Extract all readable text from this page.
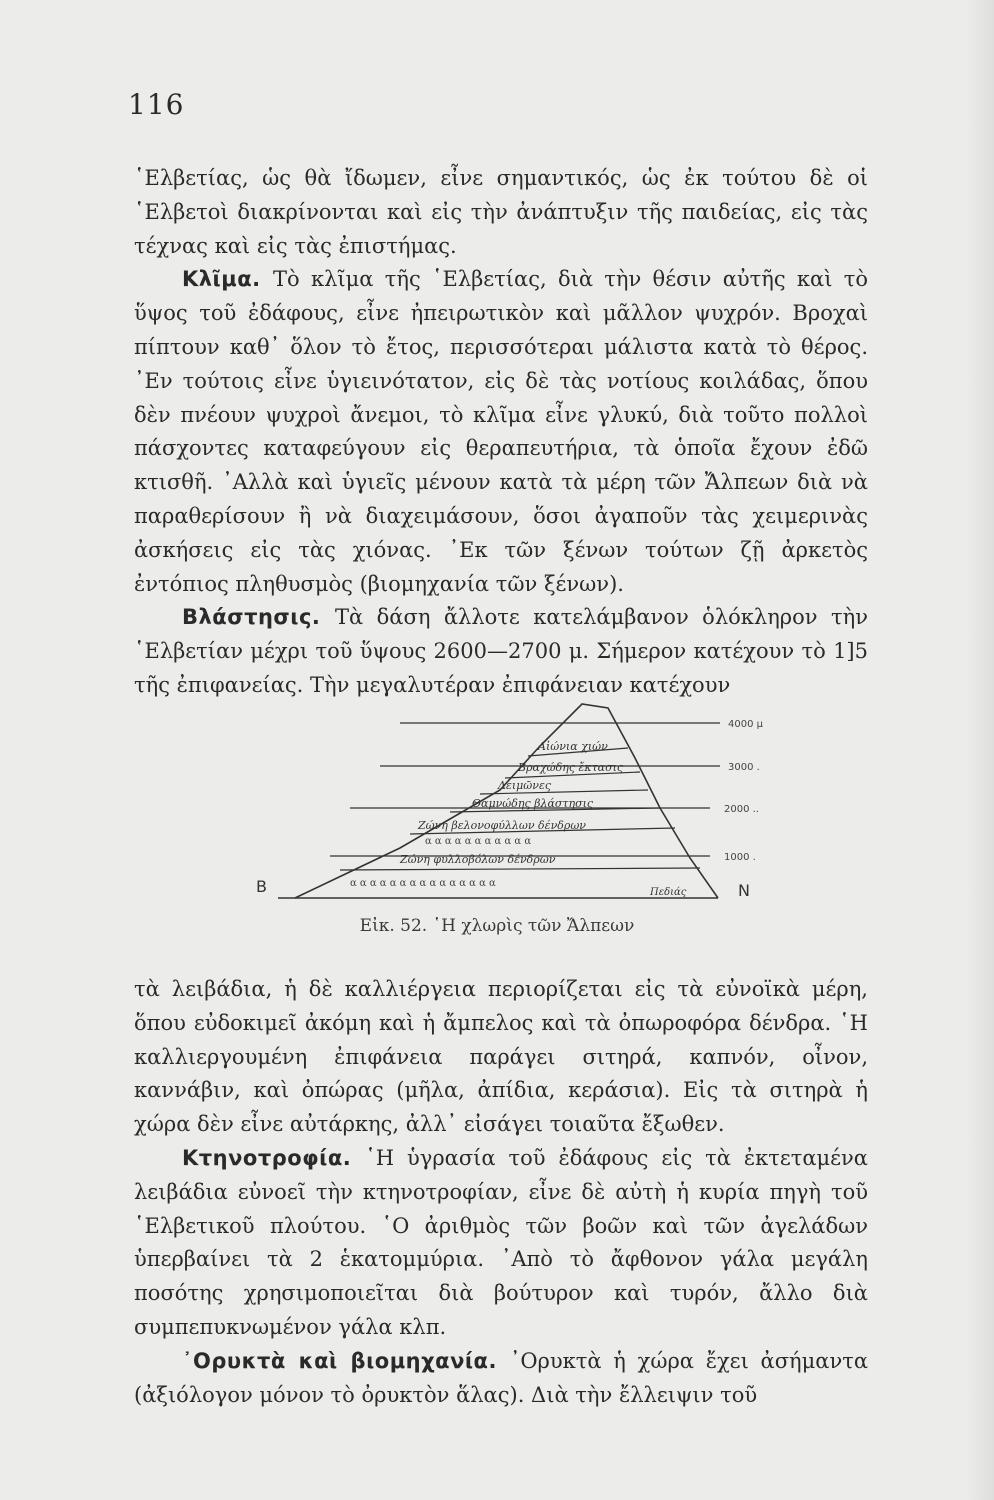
116

῾Ελβετίας, ὡς θὰ ἴδωμεν, εἶνε σημαντικός, ὡς ἐκ τούτου δὲ οἱ ῾Ελβετοὶ διακρίνονται καὶ εἰς τὴν ἀνάπτυξιν τῆς παιδείας, εἰς τὰς τέχνας καὶ εἰς τὰς ἐπιστήμας.

Κλῖμα. Τὸ κλῖμα τῆς ῾Ελβετίας, διὰ τὴν θέσιν αὐτῆς καὶ τὸ ὕψος τοῦ ἐδάφους, εἶνε ἠπειρωτικὸν καὶ μᾶλλον ψυχρόν. Βροχαὶ πίπτουν καθ᾽ ὅλον τὸ ἔτος, περισσότεραι μάλιστα κατὰ τὸ θέρος. ᾽Εν τούτοις εἶνε ὑγιεινότατον, εἰς δὲ τὰς νοτίους κοιλάδας, ὅπου δὲν πνέουν ψυχροὶ ἄνεμοι, τὸ κλῖμα εἶνε γλυκύ, διὰ τοῦτο πολλοὶ πάσχοντες καταφεύγουν εἰς θεραπευτήρια, τὰ ὁποῖα ἔχουν ἐδῶ κτισθῆ. ᾽Αλλὰ καὶ ὑγιεῖς μένουν κατὰ τὰ μέρη τῶν Ἄλπεων διὰ νὰ παραθερίσουν ἢ νὰ διαχειμάσουν, ὅσοι ἀγαποῦν τὰς χειμερινὰς ἀσκήσεις εἰς τὰς χιόνας. ᾽Εκ τῶν ξένων τούτων ζῇ ἀρκετὸς ἐντόπιος πληθυσμὸς (βιομηχανία τῶν ξένων).

Βλάστησις. Τὰ δάση ἄλλοτε κατελάμβανον ὁλόκληρον τὴν ῾Ελβετίαν μέχρι τοῦ ὕψους 2600—2700 μ. Σήμερον κατέχουν τὸ 1]5 τῆς ἐπιφανείας. Τὴν μεγαλυτέραν ἐπιφάνειαν κατέχουν

Αἰώνια χιών
Βραχώδης ἔκτασις
Λειμῶνες
Θαμνώδης βλάστησις
Ζώνη βελονοφύλλων δένδρων
Ζώνη φυλλοβόλων δένδρων
Πεδιάς
α α α α α α α α α α α
α α α α α α α α α α α α α α α
4000 μ
3000 .
2000 ..
1000 .
Β	N
Εἰκ. 52. ῾Η χλωρὶς τῶν Ἄλπεων

τὰ λειβάδια, ἡ δὲ καλλιέργεια περιορίζεται εἰς τὰ εὐνοϊκὰ μέρη, ὅπου εὐδοκιμεῖ ἀκόμη καὶ ἡ ἄμπελος καὶ τὰ ὀπωροφόρα δένδρα. ῾Η καλλιεργουμένη ἐπιφάνεια παράγει σιτηρά, καπνόν, οἶνον, καννάβιν, καὶ ὀπώρας (μῆλα, ἀπίδια, κεράσια). Εἰς τὰ σιτηρὰ ἡ χώρα δὲν εἶνε αὐτάρκης, ἀλλ᾽ εἰσάγει τοιαῦτα ἔξωθεν.

Κτηνοτροφία. ῾Η ὑγρασία τοῦ ἐδάφους εἰς τὰ ἐκτεταμένα λειβάδια εὐνοεῖ τὴν κτηνοτροφίαν, εἶνε δὲ αὐτὴ ἡ κυρία πηγὴ τοῦ ῾Ελβετικοῦ πλούτου. ῾Ο ἀριθμὸς τῶν βοῶν καὶ τῶν ἀγελάδων ὑπερβαίνει τὰ 2 ἑκατομμύρια. ᾽Απὸ τὸ ἄφθονον γάλα μεγάλη ποσότης χρησιμοποιεῖται διὰ βούτυρον καὶ τυρόν, ἄλλο διὰ συμπεπυκνωμένον γάλα κλπ.

᾽Ορυκτὰ καὶ βιομηχανία. ᾽Ορυκτὰ ἡ χώρα ἔχει ἀσήμαντα (ἀξιόλογον μόνον τὸ ὀρυκτὸν ἅλας). Διὰ τὴν ἔλλειψιν τοῦ
